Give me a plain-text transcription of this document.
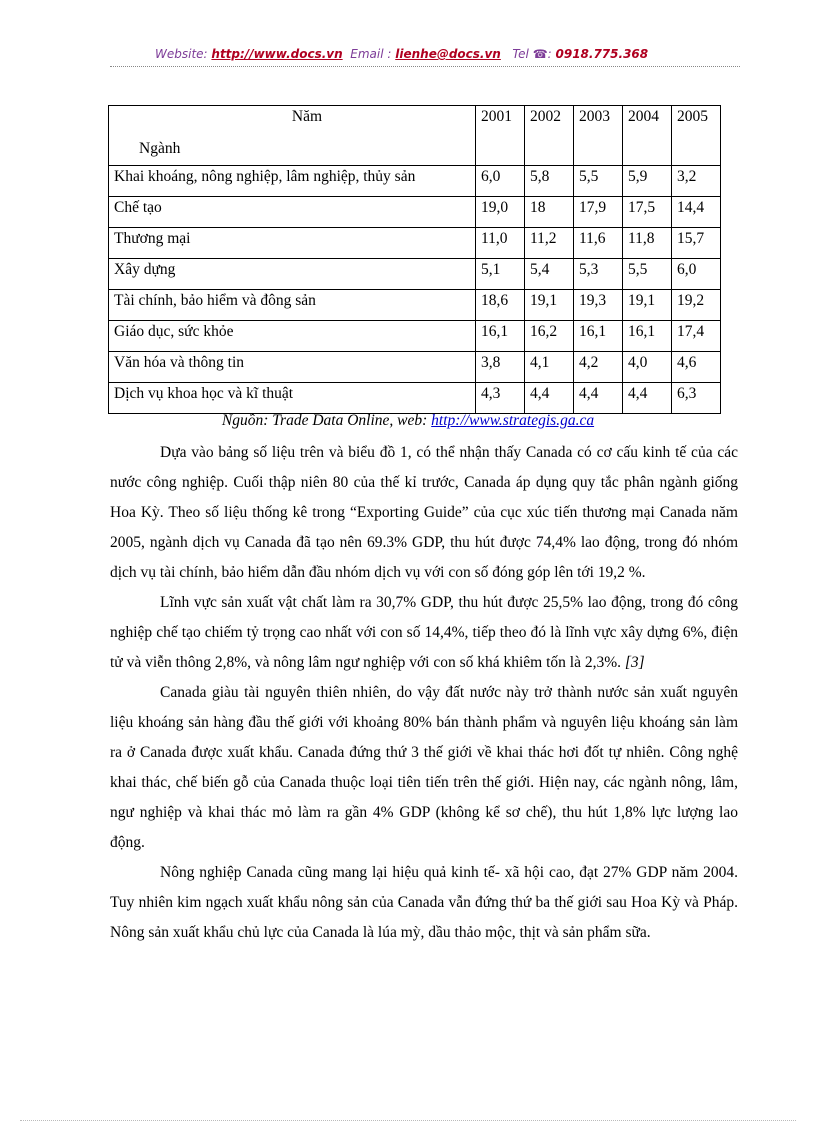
Website: http://www.docs.vn Email : lienhe@docs.vn Tel ☎: 0918.775.368
Năm
Ngành	2001	2002	2003	2004	2005
Khai khoáng, nông nghiệp, lâm nghiệp, thủy sản	6,0	5,8	5,5	5,9	3,2
Chế tạo	19,0	18	17,9	17,5	14,4
Thương mại	11,0	11,2	11,6	11,8	15,7
Xây dựng	5,1	5,4	5,3	5,5	6,0
Tài chính, bảo hiểm và đông sản	18,6	19,1	19,3	19,1	19,2
Giáo dục, sức khỏe	16,1	16,2	16,1	16,1	17,4
Văn hóa và thông tin	3,8	4,1	4,2	4,0	4,6
Dịch vụ khoa học và kĩ thuật	4,3	4,4	4,4	4,4	6,3
Nguồn: Trade Data Online, web: http://www.strategis.ga.ca

Dựa vào bảng số liệu trên và biểu đồ 1, có thể nhận thấy Canada có cơ cấu kinh tế của các nước công nghiệp. Cuối thập niên 80 của thế kỉ trước, Canada áp dụng quy tắc phân ngành giống Hoa Kỳ. Theo số liệu thống kê trong “Exporting Guide” của cục xúc tiến thương mại Canada năm 2005, ngành dịch vụ Canada đã tạo nên 69.3% GDP, thu hút được 74,4% lao động, trong đó nhóm dịch vụ tài chính, bảo hiểm dẫn đầu nhóm dịch vụ với con số đóng góp lên tới 19,2 %.

Lĩnh vực sản xuất vật chất làm ra 30,7% GDP, thu hút được 25,5% lao động, trong đó công nghiệp chế tạo chiếm tỷ trọng cao nhất với con số 14,4%, tiếp theo đó là lĩnh vực xây dựng 6%, điện tử và viễn thông 2,8%, và nông lâm ngư nghiệp với con số khá khiêm tốn là 2,3%. [3]

Canada giàu tài nguyên thiên nhiên, do vậy đất nước này trở thành nước sản xuất nguyên liệu khoáng sản hàng đầu thế giới với khoảng 80% bán thành phẩm và nguyên liệu khoáng sản làm ra ở Canada được xuất khẩu. Canada đứng thứ 3 thế giới về khai thác hơi đốt tự nhiên. Công nghệ khai thác, chế biến gỗ của Canada thuộc loại tiên tiến trên thế giới. Hiện nay, các ngành nông, lâm, ngư nghiệp và khai thác mỏ làm ra gần 4% GDP (không kể sơ chế), thu hút 1,8% lực lượng lao động.

Nông nghiệp Canada cũng mang lại hiệu quả kinh tế- xã hội cao, đạt 27% GDP năm 2004. Tuy nhiên kim ngạch xuất khẩu nông sản của Canada vẫn đứng thứ ba thế giới sau Hoa Kỳ và Pháp. Nông sản xuất khẩu chủ lực của Canada là lúa mỳ, dầu thảo mộc, thịt và sản phẩm sữa.
